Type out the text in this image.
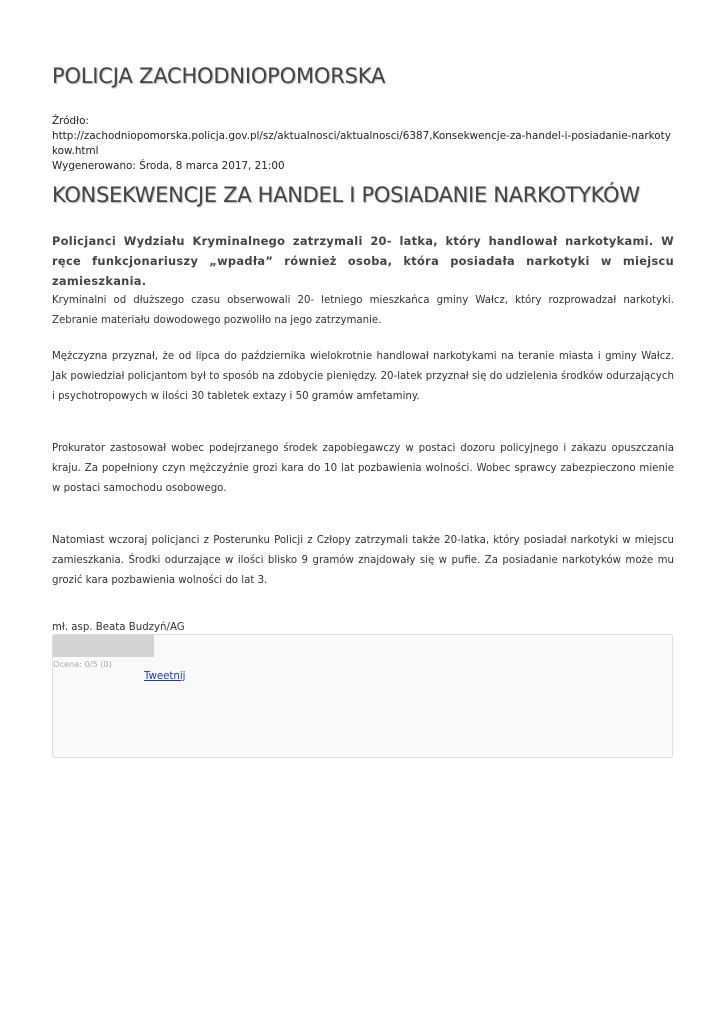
POLICJA ZACHODNIOPOMORSKA
Źródło:
http://zachodniopomorska.policja.gov.pl/sz/aktualnosci/aktualnosci/6387,Konsekwencje-za-handel-i-posiadanie-narkotykow.html
Wygenerowano: Środa, 8 marca 2017, 21:00
KONSEKWENCJE ZA HANDEL I POSIADANIE NARKOTYKÓW

Policjanci Wydziału Kryminalnego zatrzymali 20- latka, który handlował narkotykami. W ręce funkcjonariuszy „wpadła” również osoba, która posiadała narkotyki w miejscu zamieszkania.

Kryminalni od dłuższego czasu obserwowali 20- letniego mieszkańca gminy Wałcz, który rozprowadzał narkotyki. Zebranie materiału dowodowego pozwoliło na jego zatrzymanie.

Mężczyzna przyznał, że od lipca do października wielokrotnie handlował narkotykami na teranie miasta i gminy Wałcz. Jak powiedział policjantom był to sposób na zdobycie pieniędzy. 20-latek przyznał się do udzielenia środków odurzających i psychotropowych w ilości 30 tabletek extazy i 50 gramów amfetaminy.

Prokurator zastosował wobec podejrzanego środek zapobiegawczy w postaci dozoru policyjnego i zakazu opuszczania kraju. Za popełniony czyn mężczyźnie grozi kara do 10 lat pozbawienia wolności. Wobec sprawcy zabezpieczono mienie w postaci samochodu osobowego.

Natomiast wczoraj policjanci z Posterunku Policji z Człopy zatrzymali także 20-latka, który posiadał narkotyki w miejscu zamieszkania. Środki odurzające w ilości blisko 9 gramów znajdowały się w pufie. Za posiadanie narkotyków może mu grozić kara pozbawienia wolności do lat 3.

mł. asp. Beata Budzyń/AG

Ocena: 0/5 (0)
Tweetnij
